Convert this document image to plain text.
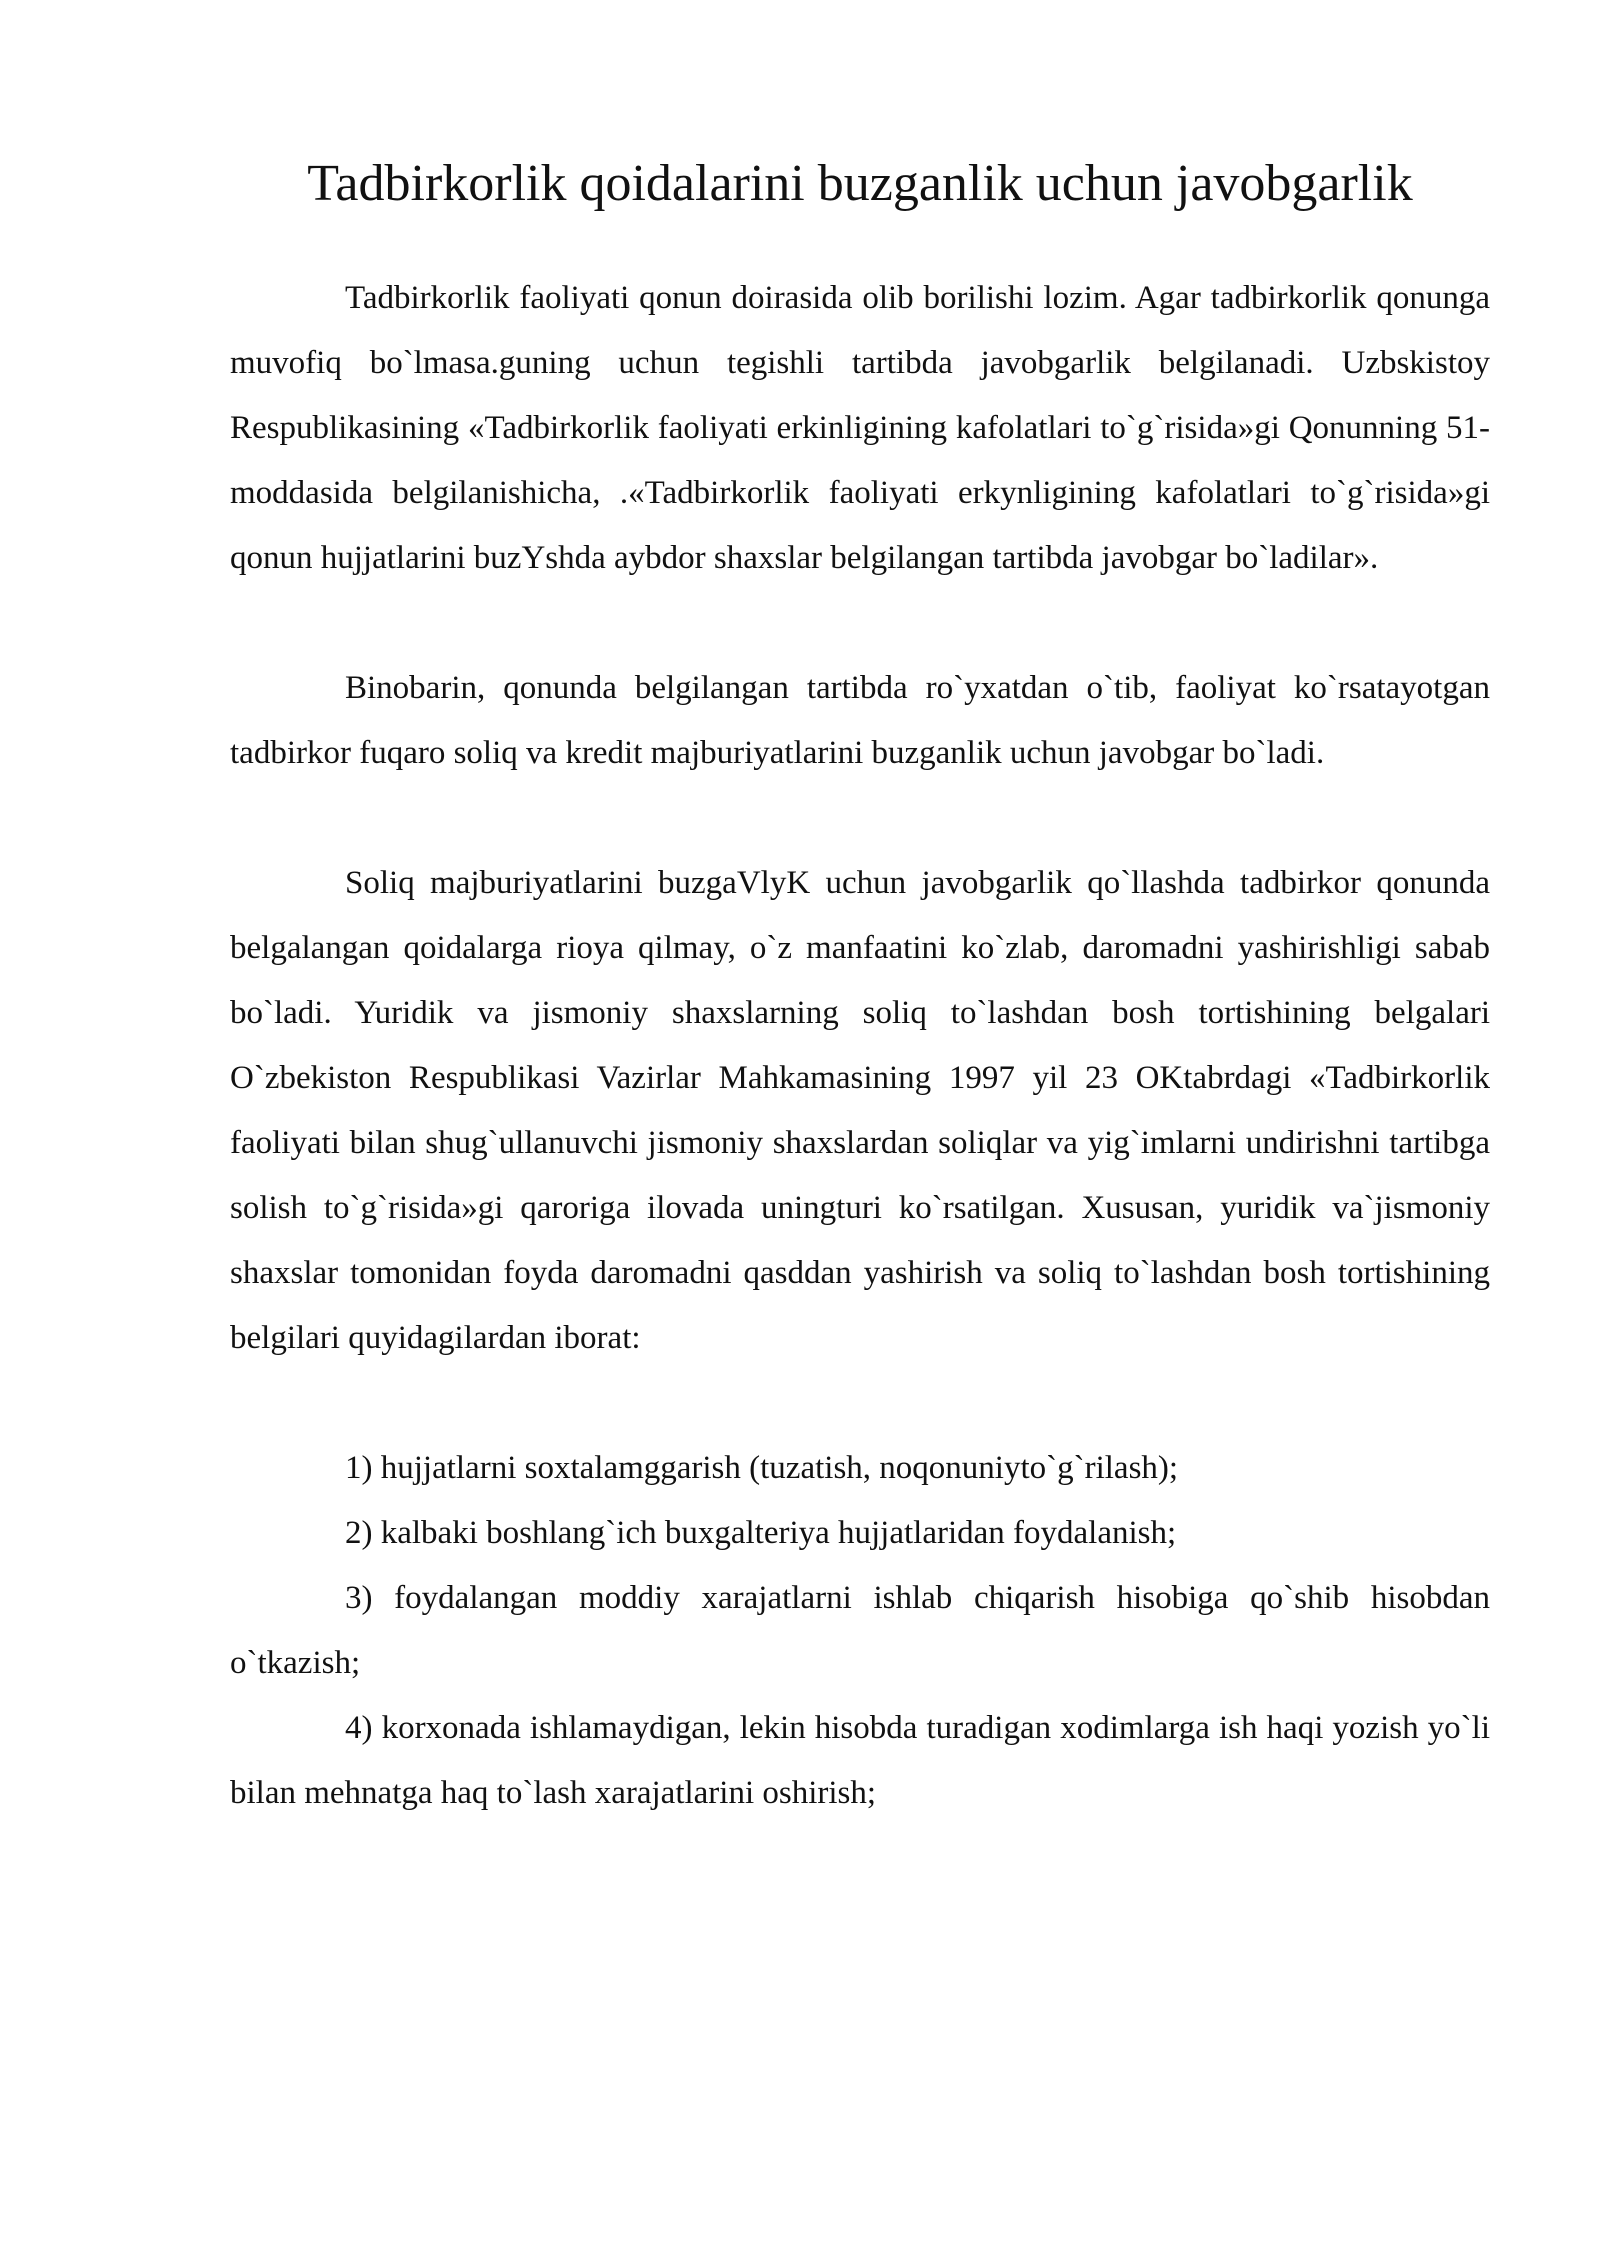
Tadbirkorlik qoidalarini buzganlik uchun javobgarlik

Tadbirkorlik faoliyati qonun doirasida olib borilishi lozim. Agar tadbirkorlik qonunga muvofiq bo`lmasa.guning uchun tegishli tartibda javobgarlik belgilanadi. Uzbskistoy Respublikasining «Tadbirkorlik faoliyati erkinligining kafolatlari to`g`risida»gi Qonunning 51-moddasida belgilanishicha, .«Tadbirkorlik faoliyati erkynligining kafolatlari to`g`risida»gi qonun hujjatlarini buzYshda aybdor shaxslar belgilangan tartibda javobgar bo`ladilar».

Binobarin, qonunda belgilangan tartibda ro`yxatdan o`tib, faoliyat ko`rsatayotgan tadbirkor fuqaro soliq va kredit majburiyatlarini buzganlik uchun javobgar bo`ladi.

Soliq majburiyatlarini buzgaVlyK uchun javobgarlik qo`llashda tadbirkor qonunda belgalangan qoidalarga rioya qilmay, o`z manfaatini ko`zlab, daromadni yashirishligi sabab bo`ladi. Yuridik va jismoniy shaxslarning soliq to`lashdan bosh tortishining belgalari O`zbekiston Respublikasi Vazirlar Mahkamasining 1997 yil 23 OKtabrdagi «Tadbirkorlik faoliyati bilan shug`ullanuvchi jismoniy shaxslardan soliqlar va yig`imlarni undirishni tartibga solish to`g`risida»gi qaroriga ilovada uningturi ko`rsatilgan. Xususan, yuridik va`jismoniy shaxslar tomonidan foyda daromadni qasddan yashirish va soliq to`lashdan bosh tortishining belgilari quyidagilardan iborat:

1) hujjatlarni soxtalamggarish (tuzatish, noqonuniyto`g`rilash);

2) kalbaki boshlang`ich buxgalteriya hujjatlaridan foydalanish;

3) foydalangan moddiy xarajatlarni ishlab chiqarish hisobiga qo`shib hisobdan o`tkazish;

4) korxonada ishlamaydigan, lekin hisobda turadigan xodimlarga ish haqi yozish yo`li bilan mehnatga haq to`lash xarajatlarini oshirish;
